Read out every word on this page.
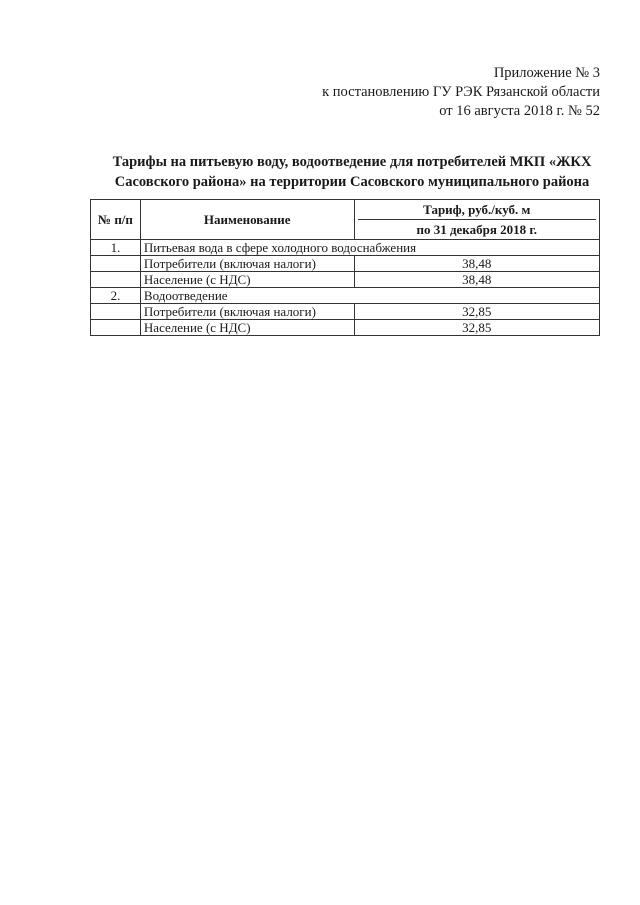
Приложение № 3
к постановлению ГУ РЭК Рязанской области
от 16 августа 2018 г. № 52
Тарифы на питьевую воду, водоотведение для потребителей МКП «ЖКХ
Сасовского района» на территории Сасовского муниципального района
№ п/п	Наименование	Тариф, руб./куб. м
по 31 декабря 2018 г.

1.	Питьевая вода в сфере холодного водоснабжения	
	Потребители (включая налоги)	38,48
	Население (с НДС)	38,48
2.	Водоотведение	
	Потребители (включая налоги)	32,85
	Население (с НДС)	32,85
